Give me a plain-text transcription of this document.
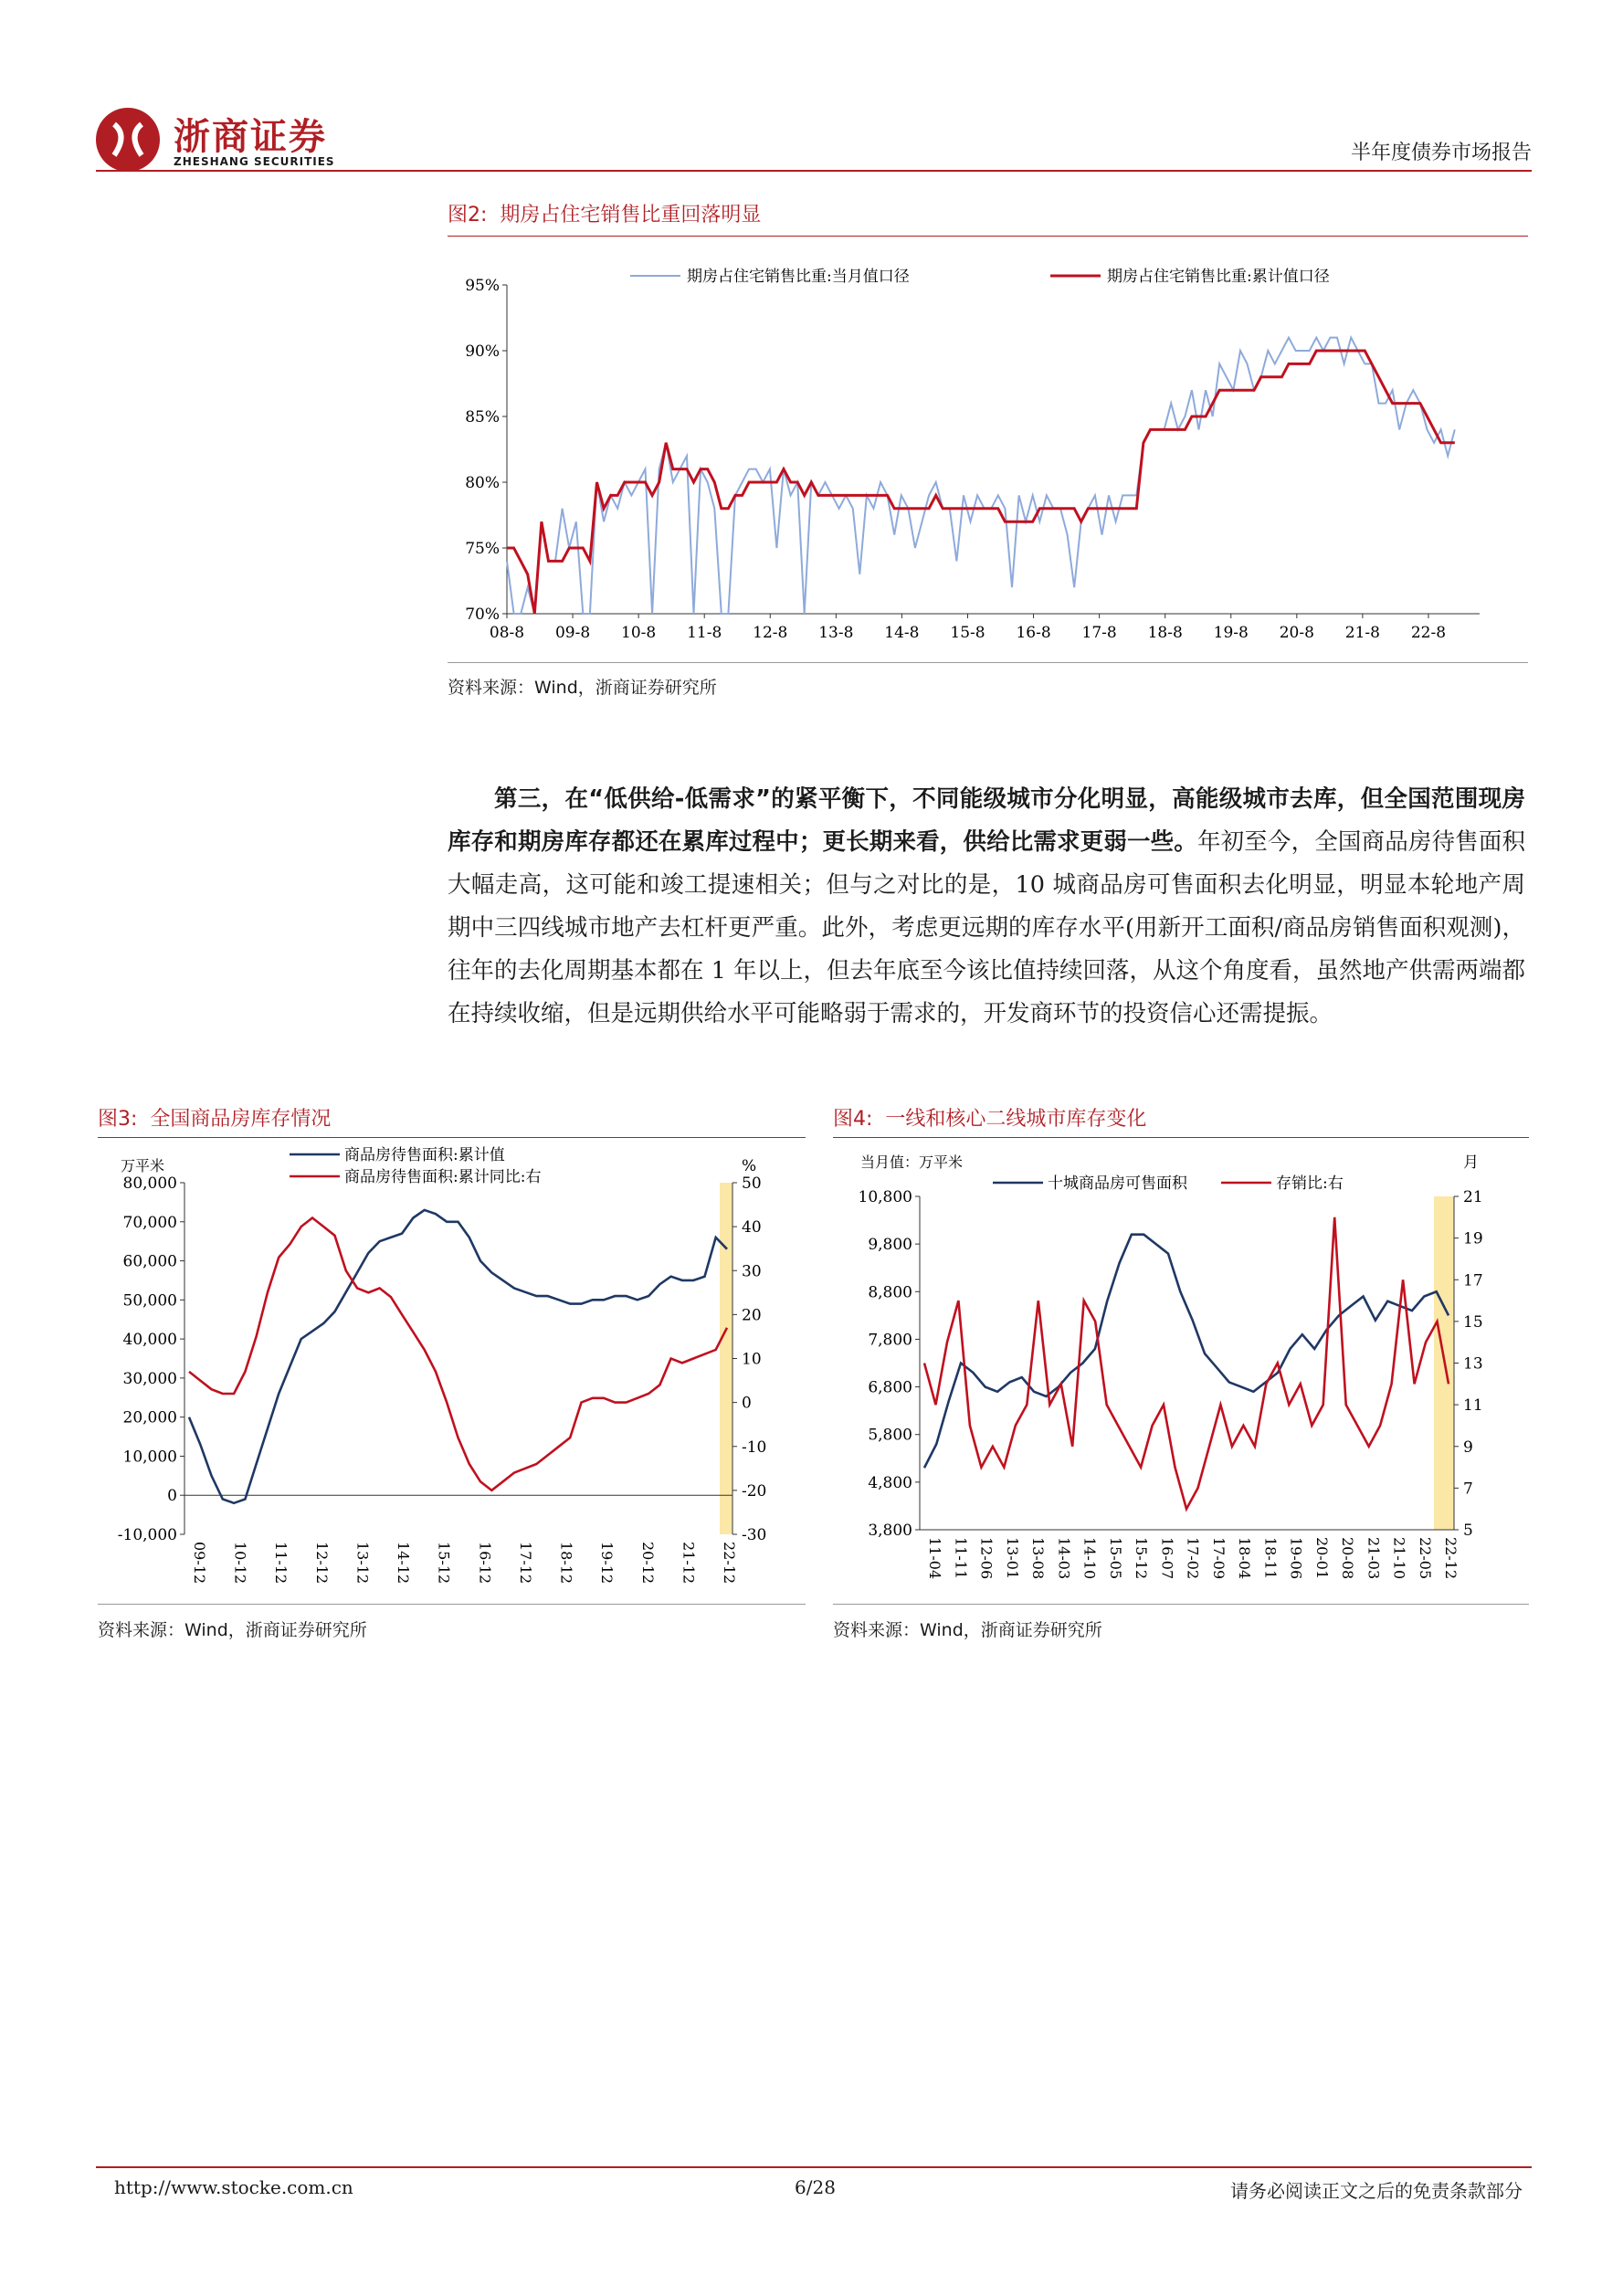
浙商证券
ZHESHANG SECURITIES	半年度债券市场报告
图2: 期房占住宅销售比重回落明显
70%
75%
80%
85%
90%
95%
08-8 09-8 10-8 11-8 12-8 13-8 14-8 15-8 16-8 17-8 18-8 19-8 20-8 21-8 22-8
期房占住宅销售比重:当月值口径	期房占住宅销售比重:累计值口径
资料来源：Wind，浙商证券研究所

第三，在“低供给-低需求”的紧平衡下，不同能级城市分化明显，高能级城市去库，但全国范围现房库存和期房库存都还在累库过程中；更长期来看，供给比需求更弱一些。年初至今，全国商品房待售面积大幅走高，这可能和竣工提速相关；但与之对比的是，10 城商品房可售面积去化明显，明显本轮地产周期中三四线城市地产去杠杆更严重。此外，考虑更远期的库存水平(用新开工面积/商品房销售面积观测)，往年的去化周期基本都在 1 年以上，但去年底至今该比值持续回落，从这个角度看，虽然地产供需两端都在持续收缩，但是远期供给水平可能略弱于需求的，开发商环节的投资信心还需提振。

图3: 全国商品房库存情况
-10,000
0
10,000
20,000
30,000
40,000
50,000
60,000
70,000
80,000
-30
-20
-10
0
10
20
30
40
50
09-12 10-12 11-12 12-12 13-12 14-12 15-12 16-12 17-12 18-12 19-12 20-12 21-12 22-12
万平米	%
商品房待售面积:累计值
商品房待售面积:累计同比:右
资料来源：Wind，浙商证券研究所
图4: 一线和核心二线城市库存变化
3,800
4,800
5,800
6,800
7,800
8,800
9,800
10,800
5
7
9
11
13
15
17
19
21
11-04 11-11 12-06 13-01 13-08 14-03 14-10 15-05 15-12 16-07 17-02 17-09 18-04 18-11 19-06 20-01 20-08 21-03 21-10 22-05 22-12
当月值：万平米	月
十城商品房可售面积	存销比:右
资料来源：Wind，浙商证券研究所
http://www.stocke.com.cn	6/28	请务必阅读正文之后的免责条款部分
